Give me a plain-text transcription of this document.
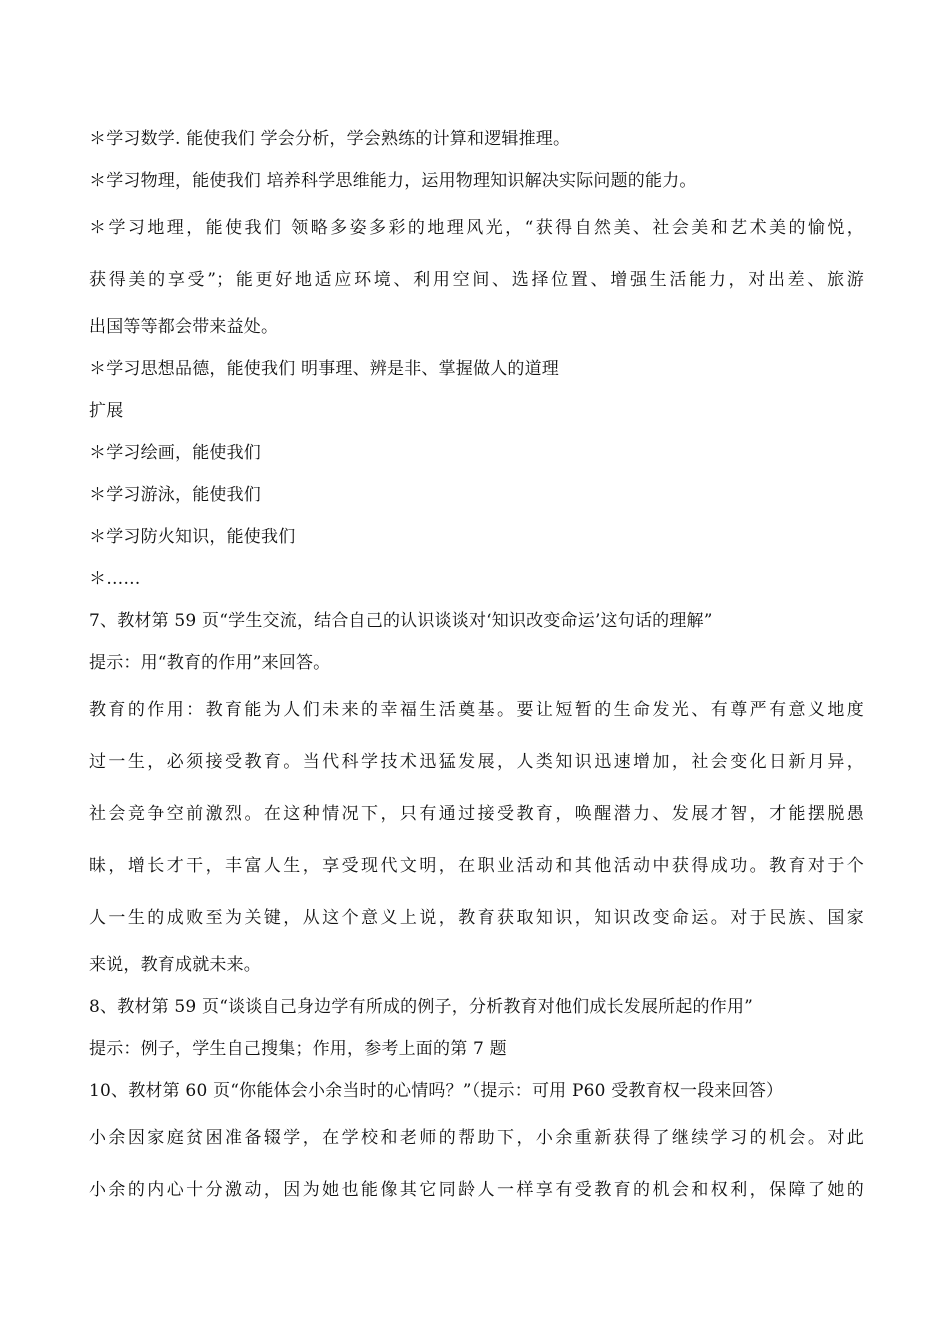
＊学习数学. 能使我们 学会分析，学会熟练的计算和逻辑推理。
＊学习物理，能使我们 培养科学思维能力，运用物理知识解决实际问题的能力。
＊学习地理，能使我们 领略多姿多彩的地理风光，“获得自然美、社会美和艺术美的愉悦，
获得美的享受”；能更好地适应环境、利用空间、选择位置、增强生活能力，对出差、旅游
出国等等都会带来益处。
＊学习思想品德，能使我们 明事理、辨是非、掌握做人的道理
扩展
＊学习绘画，能使我们
＊学习游泳，能使我们
＊学习防火知识，能使我们
＊……
7、教材第 59 页“学生交流，结合自己的认识谈谈对‘知识改变命运’这句话的理解”
提示：用“教育的作用”来回答。
教育的作用：教育能为人们未来的幸福生活奠基。要让短暂的生命发光、有尊严有意义地度
过一生，必须接受教育。当代科学技术迅猛发展，人类知识迅速增加，社会变化日新月异，
社会竞争空前激烈。在这种情况下，只有通过接受教育，唤醒潜力、发展才智，才能摆脱愚
昧，增长才干，丰富人生，享受现代文明，在职业活动和其他活动中获得成功。教育对于个
人一生的成败至为关键，从这个意义上说，教育获取知识，知识改变命运。对于民族、国家
来说，教育成就未来。
8、教材第 59 页“谈谈自己身边学有所成的例子，分析教育对他们成长发展所起的作用”
提示：例子，学生自己搜集；作用，参考上面的第 7 题
10、教材第 60 页“你能体会小余当时的心情吗？”（提示：可用 P60 受教育权一段来回答）
小余因家庭贫困准备辍学，在学校和老师的帮助下，小余重新获得了继续学习的机会。对此
小余的内心十分激动，因为她也能像其它同龄人一样享有受教育的机会和权利，保障了她的
